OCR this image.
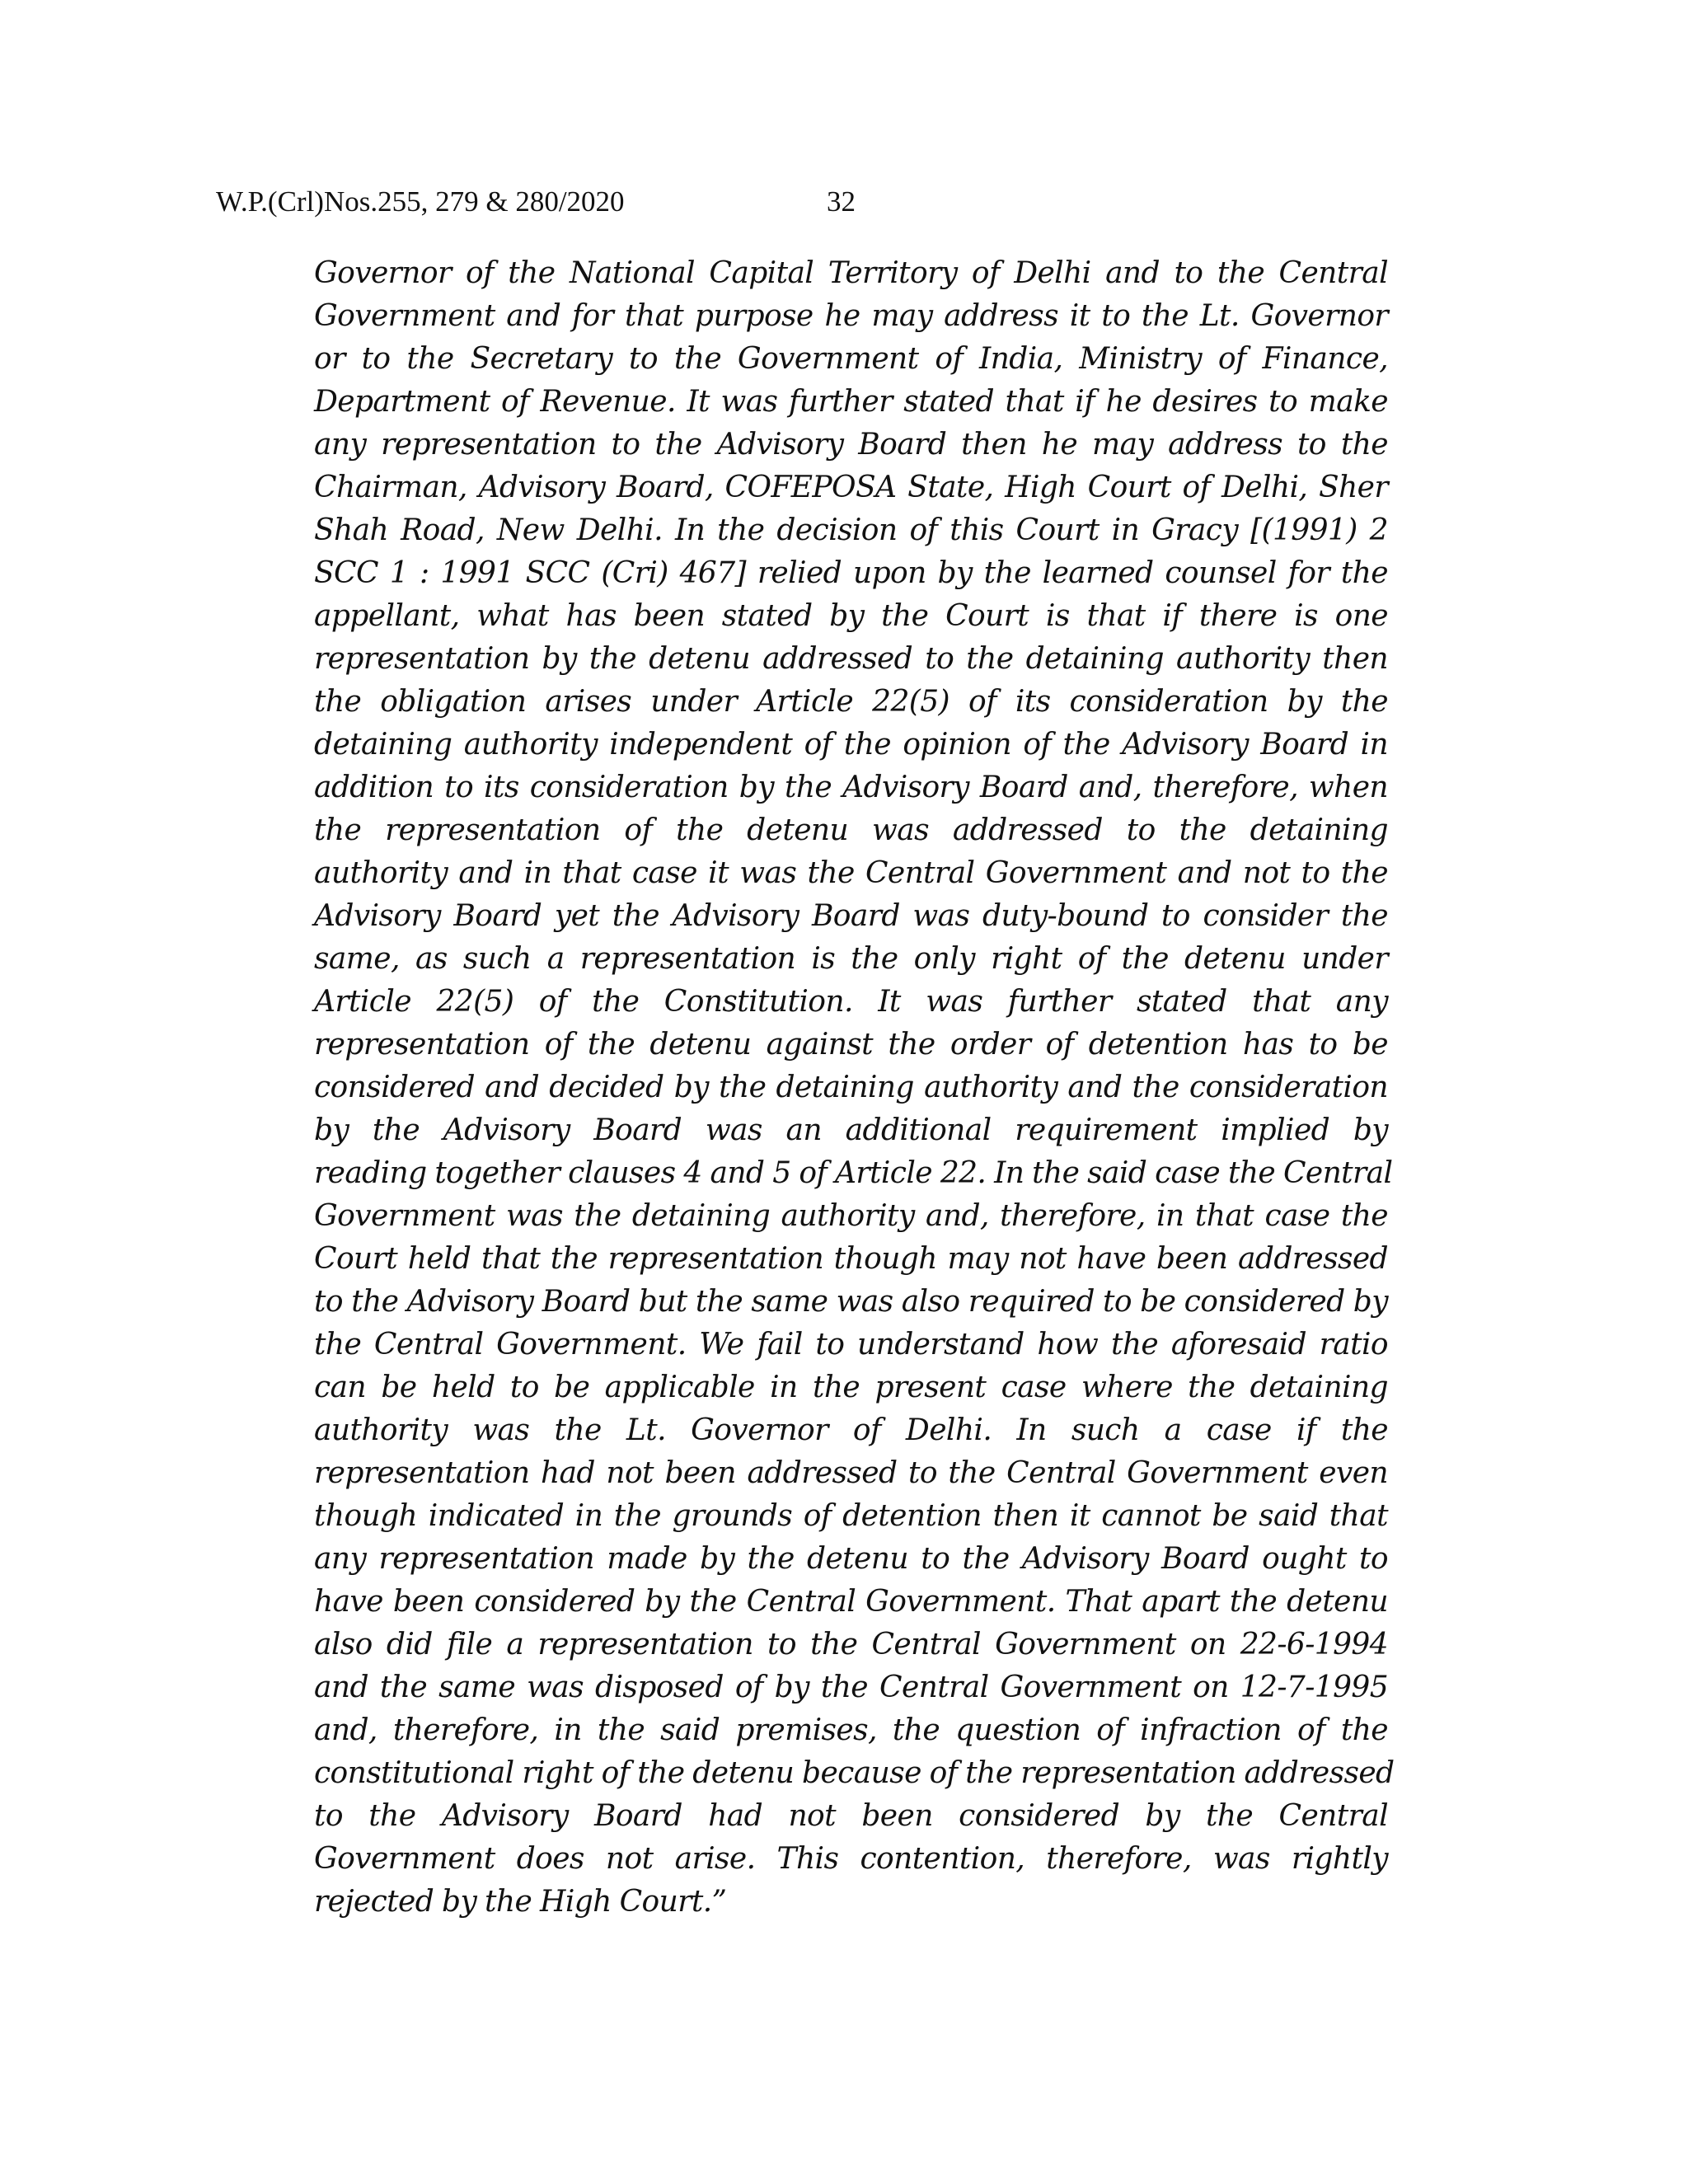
W.P.(Crl)Nos.255, 279 & 280/2020	32
Governor of the National Capital Territory of Delhi and to the Central
Government and for that purpose he may address it to the Lt. Governor
or to the Secretary to the Government of India, Ministry of Finance,
Department of Revenue. It was further stated that if he desires to make
any representation to the Advisory Board then he may address to the
Chairman, Advisory Board, COFEPOSA State, High Court of Delhi, Sher
Shah Road, New Delhi. In the decision of this Court in Gracy [(1991) 2
SCC 1 : 1991 SCC (Cri) 467] relied upon by the learned counsel for the
appellant, what has been stated by the Court is that if there is one
representation by the detenu addressed to the detaining authority then
the obligation arises under Article 22(5) of its consideration by the
detaining authority independent of the opinion of the Advisory Board in
addition to its consideration by the Advisory Board and, therefore, when
the representation of the detenu was addressed to the detaining
authority and in that case it was the Central Government and not to the
Advisory Board yet the Advisory Board was duty-bound to consider the
same, as such a representation is the only right of the detenu under
Article 22(5) of the Constitution. It was further stated that any
representation of the detenu against the order of detention has to be
considered and decided by the detaining authority and the consideration
by the Advisory Board was an additional requirement implied by
reading together clauses 4 and 5 of Article 22. In the said case the Central
Government was the detaining authority and, therefore, in that case the
Court held that the representation though may not have been addressed
to the Advisory Board but the same was also required to be considered by
the Central Government. We fail to understand how the aforesaid ratio
can be held to be applicable in the present case where the detaining
authority was the Lt. Governor of Delhi. In such a case if the
representation had not been addressed to the Central Government even
though indicated in the grounds of detention then it cannot be said that
any representation made by the detenu to the Advisory Board ought to
have been considered by the Central Government. That apart the detenu
also did file a representation to the Central Government on 22-6-1994
and the same was disposed of by the Central Government on 12-7-1995
and, therefore, in the said premises, the question of infraction of the
constitutional right of the detenu because of the representation addressed
to the Advisory Board had not been considered by the Central
Government does not arise. This contention, therefore, was rightly
rejected by the High Court.”
